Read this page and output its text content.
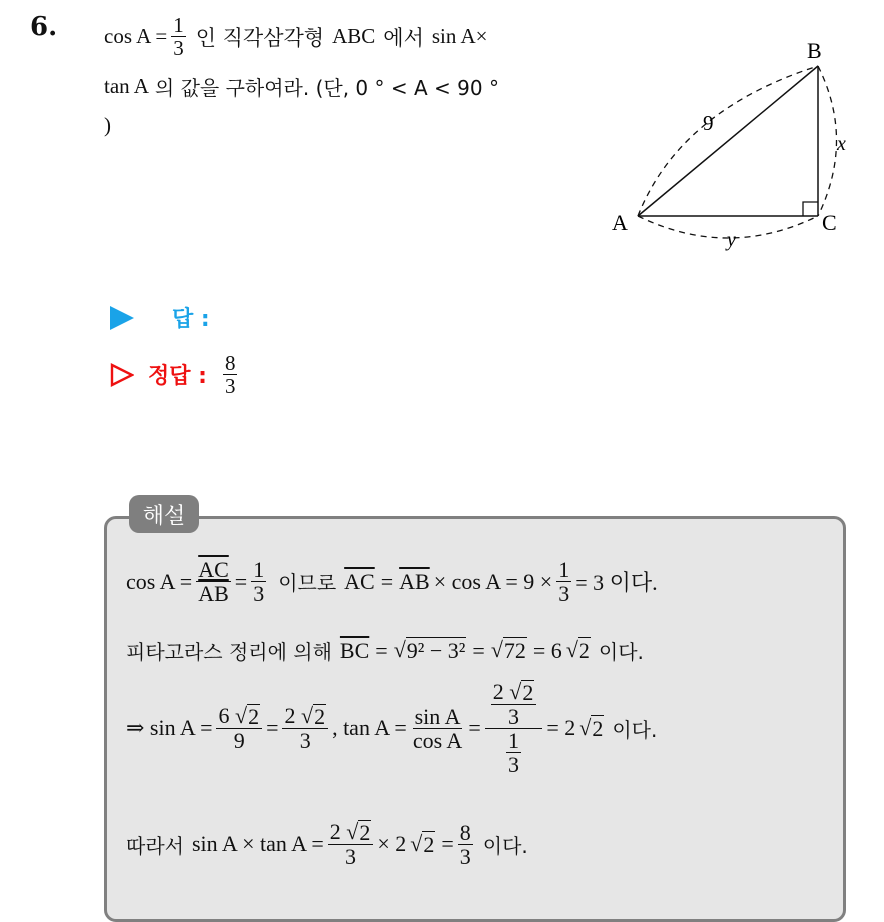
6. $\cos A = \frac{1}{3}$ 인 직각삼각형 ABC 에서 sin A×
tan A 의 값을 구하여라. (단, 0 ° < A < 90 °
)
A
B
C
9
x
y
답 :
정답 : $\frac{8}{3}$
해설
$\cos A = \frac{\overline{AC}}{AB} = \frac{1}{3}$ 이므로 $\overline{AC} = \overline{AB} \times \cos A = 9 \times \frac{1}{3} = 3$ 이다.
피타고라스 정리에 의해 $\overline{BC}$ = √ 9² − 3² = √ 72 = 6 √ 2 이다.
⇒ $\sin A = \frac{6 √ 2}{9} = \frac{2 √ 2}{3}$ , $\tan A = \frac{\text{sin A}}{\text{cos A}} = \frac{\frac{2 √ 2}{3}}{\frac{1}{3}} = 2$ √ 2 이다.
따라서 $\sin A \times \tan A = \frac{2 √ 2}{3} \times 2$ √ $2 = \frac{8}{3}$ 이다.
